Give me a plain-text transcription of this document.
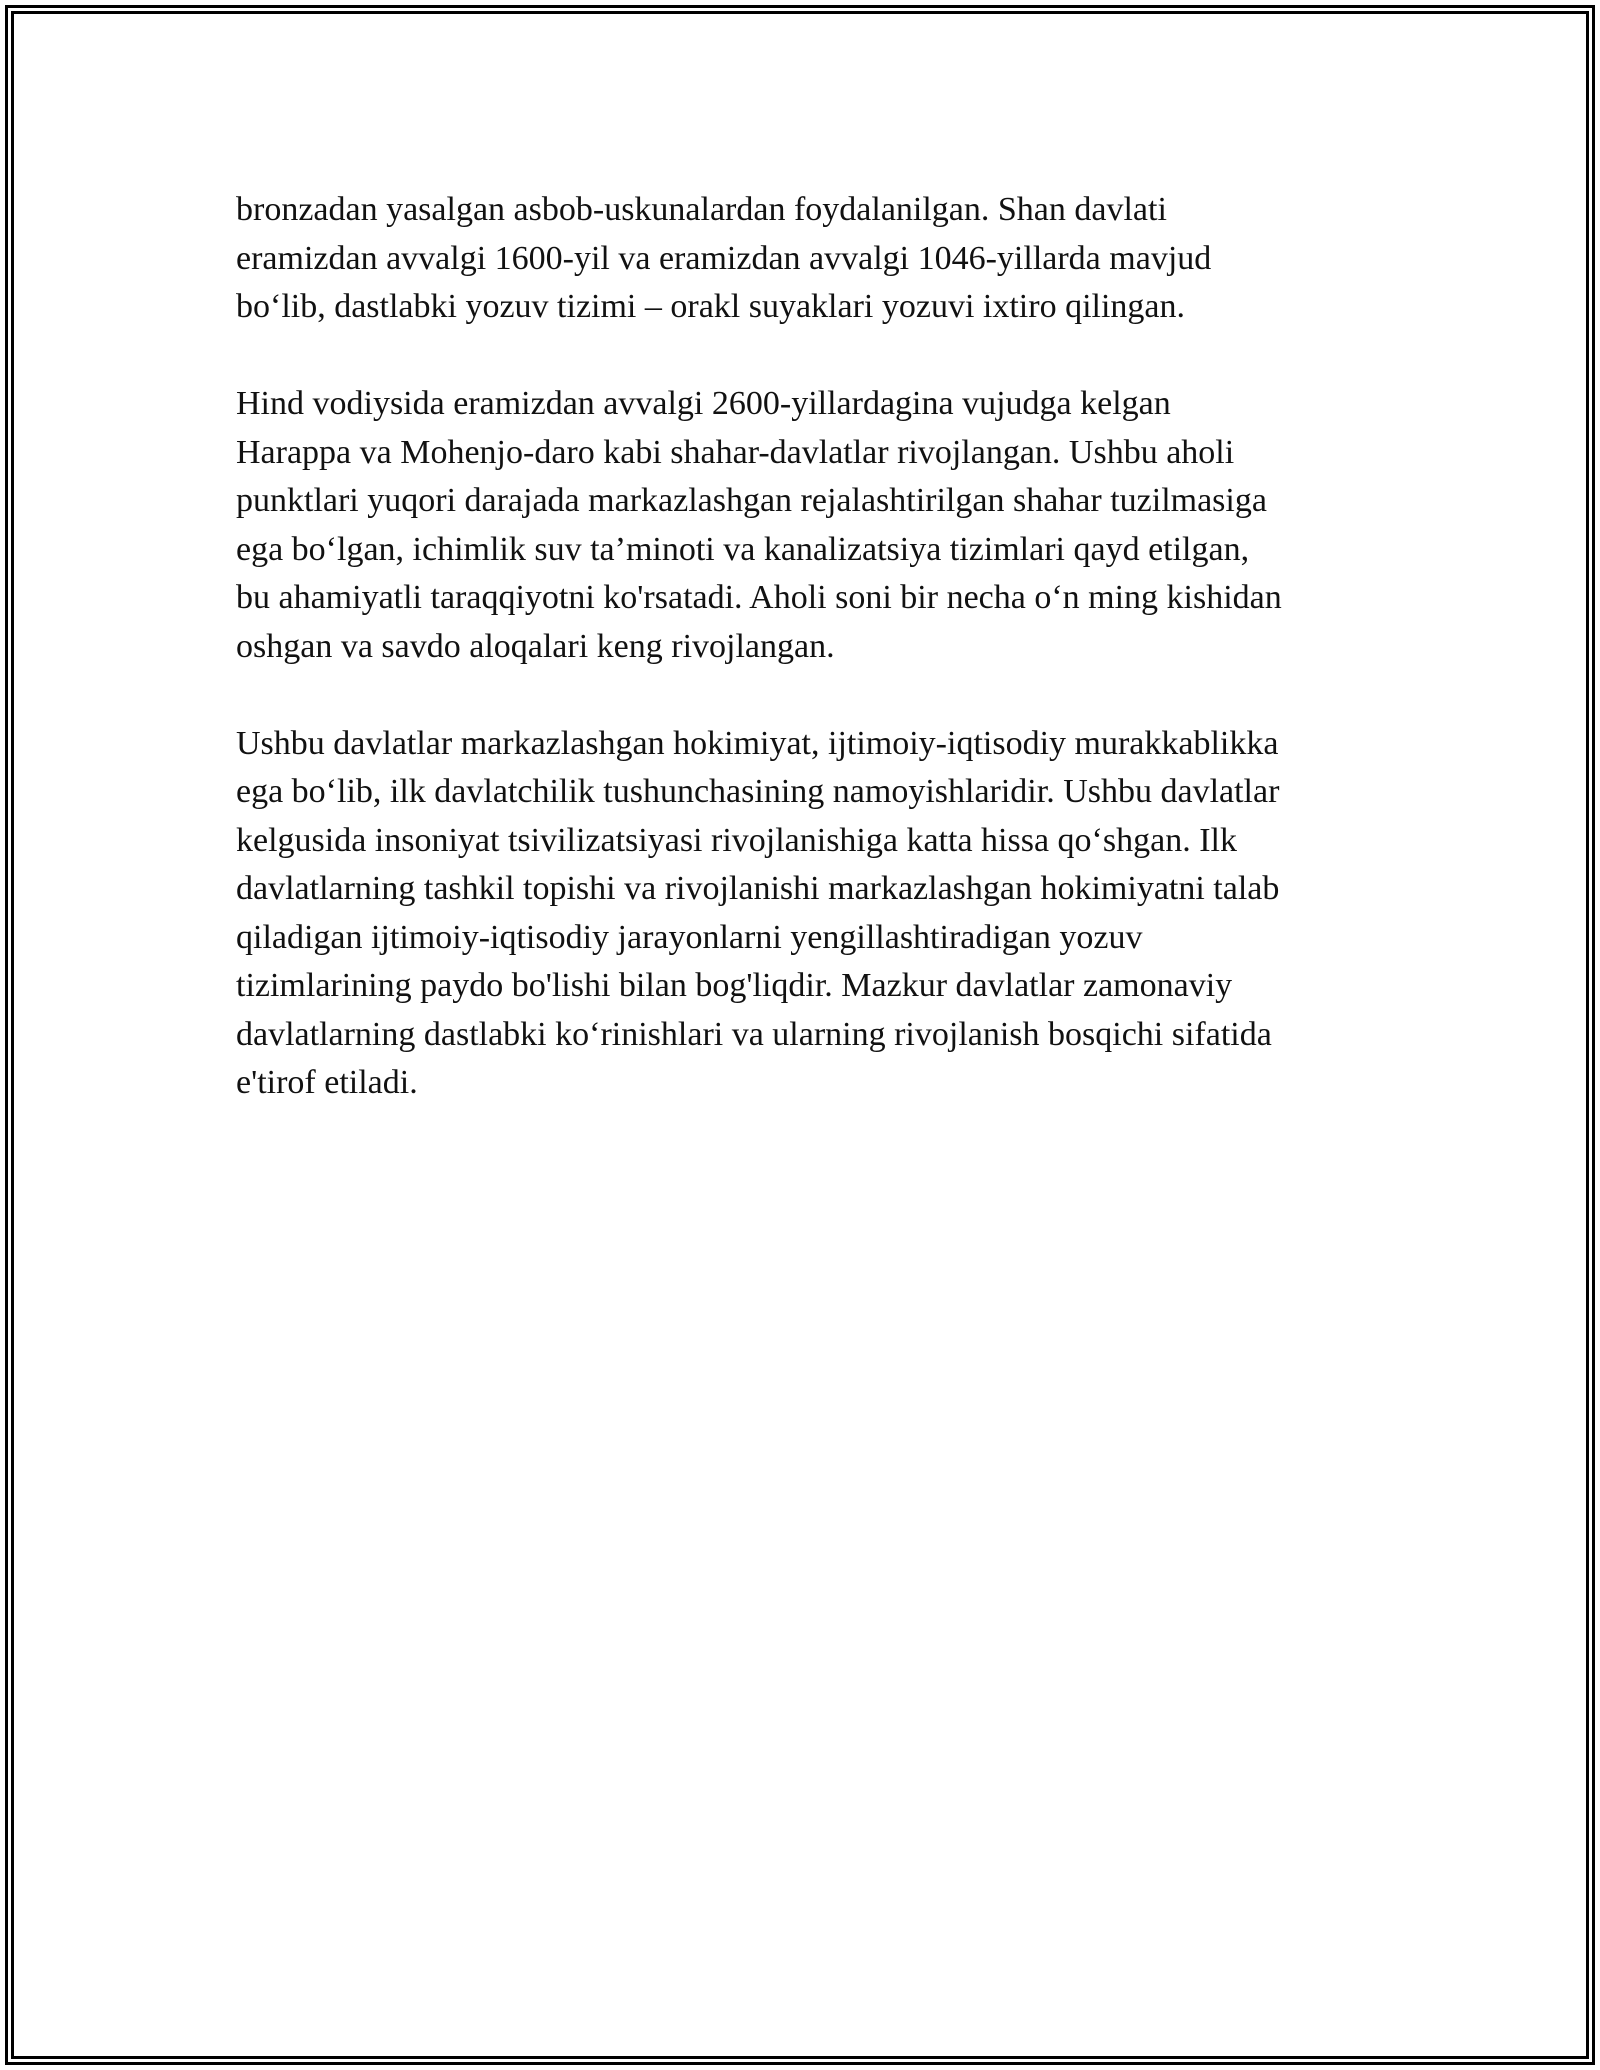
bronzadan yasalgan asbob-uskunalardan foydalanilgan. Shan davlati
eramizdan avvalgi 1600-yil va eramizdan avvalgi 1046-yillarda mavjud
bo‘lib, dastlabki yozuv tizimi – orakl suyaklari yozuvi ixtiro qilingan.

Hind vodiysida eramizdan avvalgi 2600-yillardagina vujudga kelgan
Harappa va Mohenjo-daro kabi shahar-davlatlar rivojlangan. Ushbu aholi
punktlari yuqori darajada markazlashgan rejalashtirilgan shahar tuzilmasiga
ega bo‘lgan, ichimlik suv ta’minoti va kanalizatsiya tizimlari qayd etilgan,
bu ahamiyatli taraqqiyotni ko'rsatadi. Aholi soni bir necha o‘n ming kishidan
oshgan va savdo aloqalari keng rivojlangan.

Ushbu davlatlar markazlashgan hokimiyat, ijtimoiy-iqtisodiy murakkablikka
ega bo‘lib, ilk davlatchilik tushunchasining namoyishlaridir. Ushbu davlatlar
kelgusida insoniyat tsivilizatsiyasi rivojlanishiga katta hissa qo‘shgan. Ilk
davlatlarning tashkil topishi va rivojlanishi markazlashgan hokimiyatni talab
qiladigan ijtimoiy-iqtisodiy jarayonlarni yengillashtiradigan yozuv
tizimlarining paydo bo'lishi bilan bog'liqdir. Mazkur davlatlar zamonaviy
davlatlarning dastlabki ko‘rinishlari va ularning rivojlanish bosqichi sifatida
e'tirof etiladi.
